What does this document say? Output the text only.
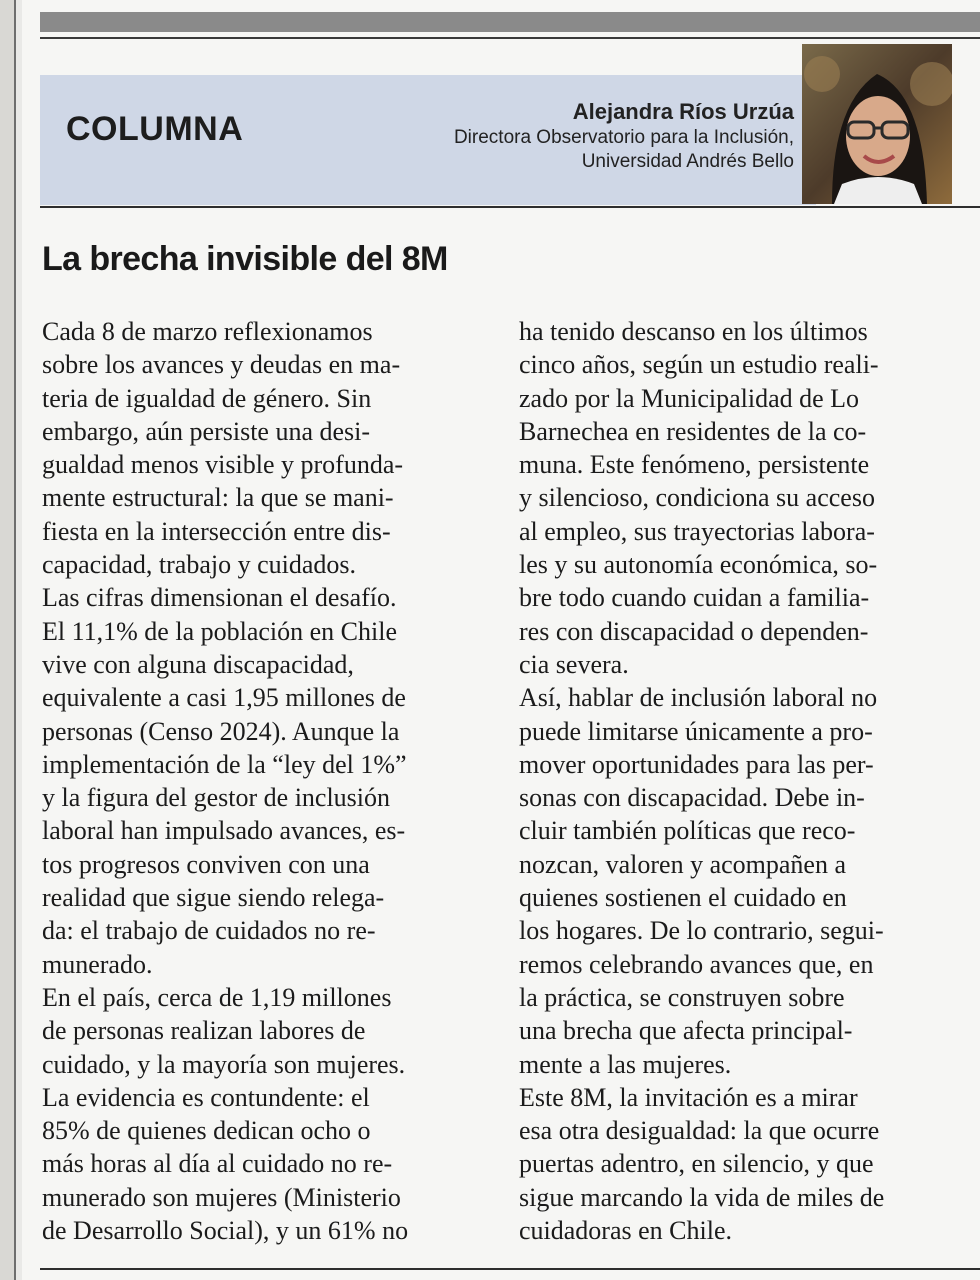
COLUMNA	Alejandra Ríos Urzúa
Directora Observatorio para la Inclusión,
Universidad Andrés Bello
La brecha invisible del 8M
Cada 8 de marzo reflexionamos
sobre los avances y deudas en ma-
teria de igualdad de género. Sin
embargo, aún persiste una desi-
gualdad menos visible y profunda-
mente estructural: la que se mani-
fiesta en la intersección entre dis-
capacidad, trabajo y cuidados.
Las cifras dimensionan el desafío.
El 11,1% de la población en Chile
vive con alguna discapacidad,
equivalente a casi 1,95 millones de
personas (Censo 2024). Aunque la
implementación de la “ley del 1%”
y la figura del gestor de inclusión
laboral han impulsado avances, es-
tos progresos conviven con una
realidad que sigue siendo relega-
da: el trabajo de cuidados no re-
munerado.
En el país, cerca de 1,19 millones
de personas realizan labores de
cuidado, y la mayoría son mujeres.
La evidencia es contundente: el
85% de quienes dedican ocho o
más horas al día al cuidado no re-
munerado son mujeres (Ministerio
de Desarrollo Social), y un 61% no
ha tenido descanso en los últimos
cinco años, según un estudio reali-
zado por la Municipalidad de Lo
Barnechea en residentes de la co-
muna. Este fenómeno, persistente
y silencioso, condiciona su acceso
al empleo, sus trayectorias labora-
les y su autonomía económica, so-
bre todo cuando cuidan a familia-
res con discapacidad o dependen-
cia severa.
Así, hablar de inclusión laboral no
puede limitarse únicamente a pro-
mover oportunidades para las per-
sonas con discapacidad. Debe in-
cluir también políticas que reco-
nozcan, valoren y acompañen a
quienes sostienen el cuidado en
los hogares. De lo contrario, segui-
remos celebrando avances que, en
la práctica, se construyen sobre
una brecha que afecta principal-
mente a las mujeres.
Este 8M, la invitación es a mirar
esa otra desigualdad: la que ocurre
puertas adentro, en silencio, y que
sigue marcando la vida de miles de
cuidadoras en Chile.
